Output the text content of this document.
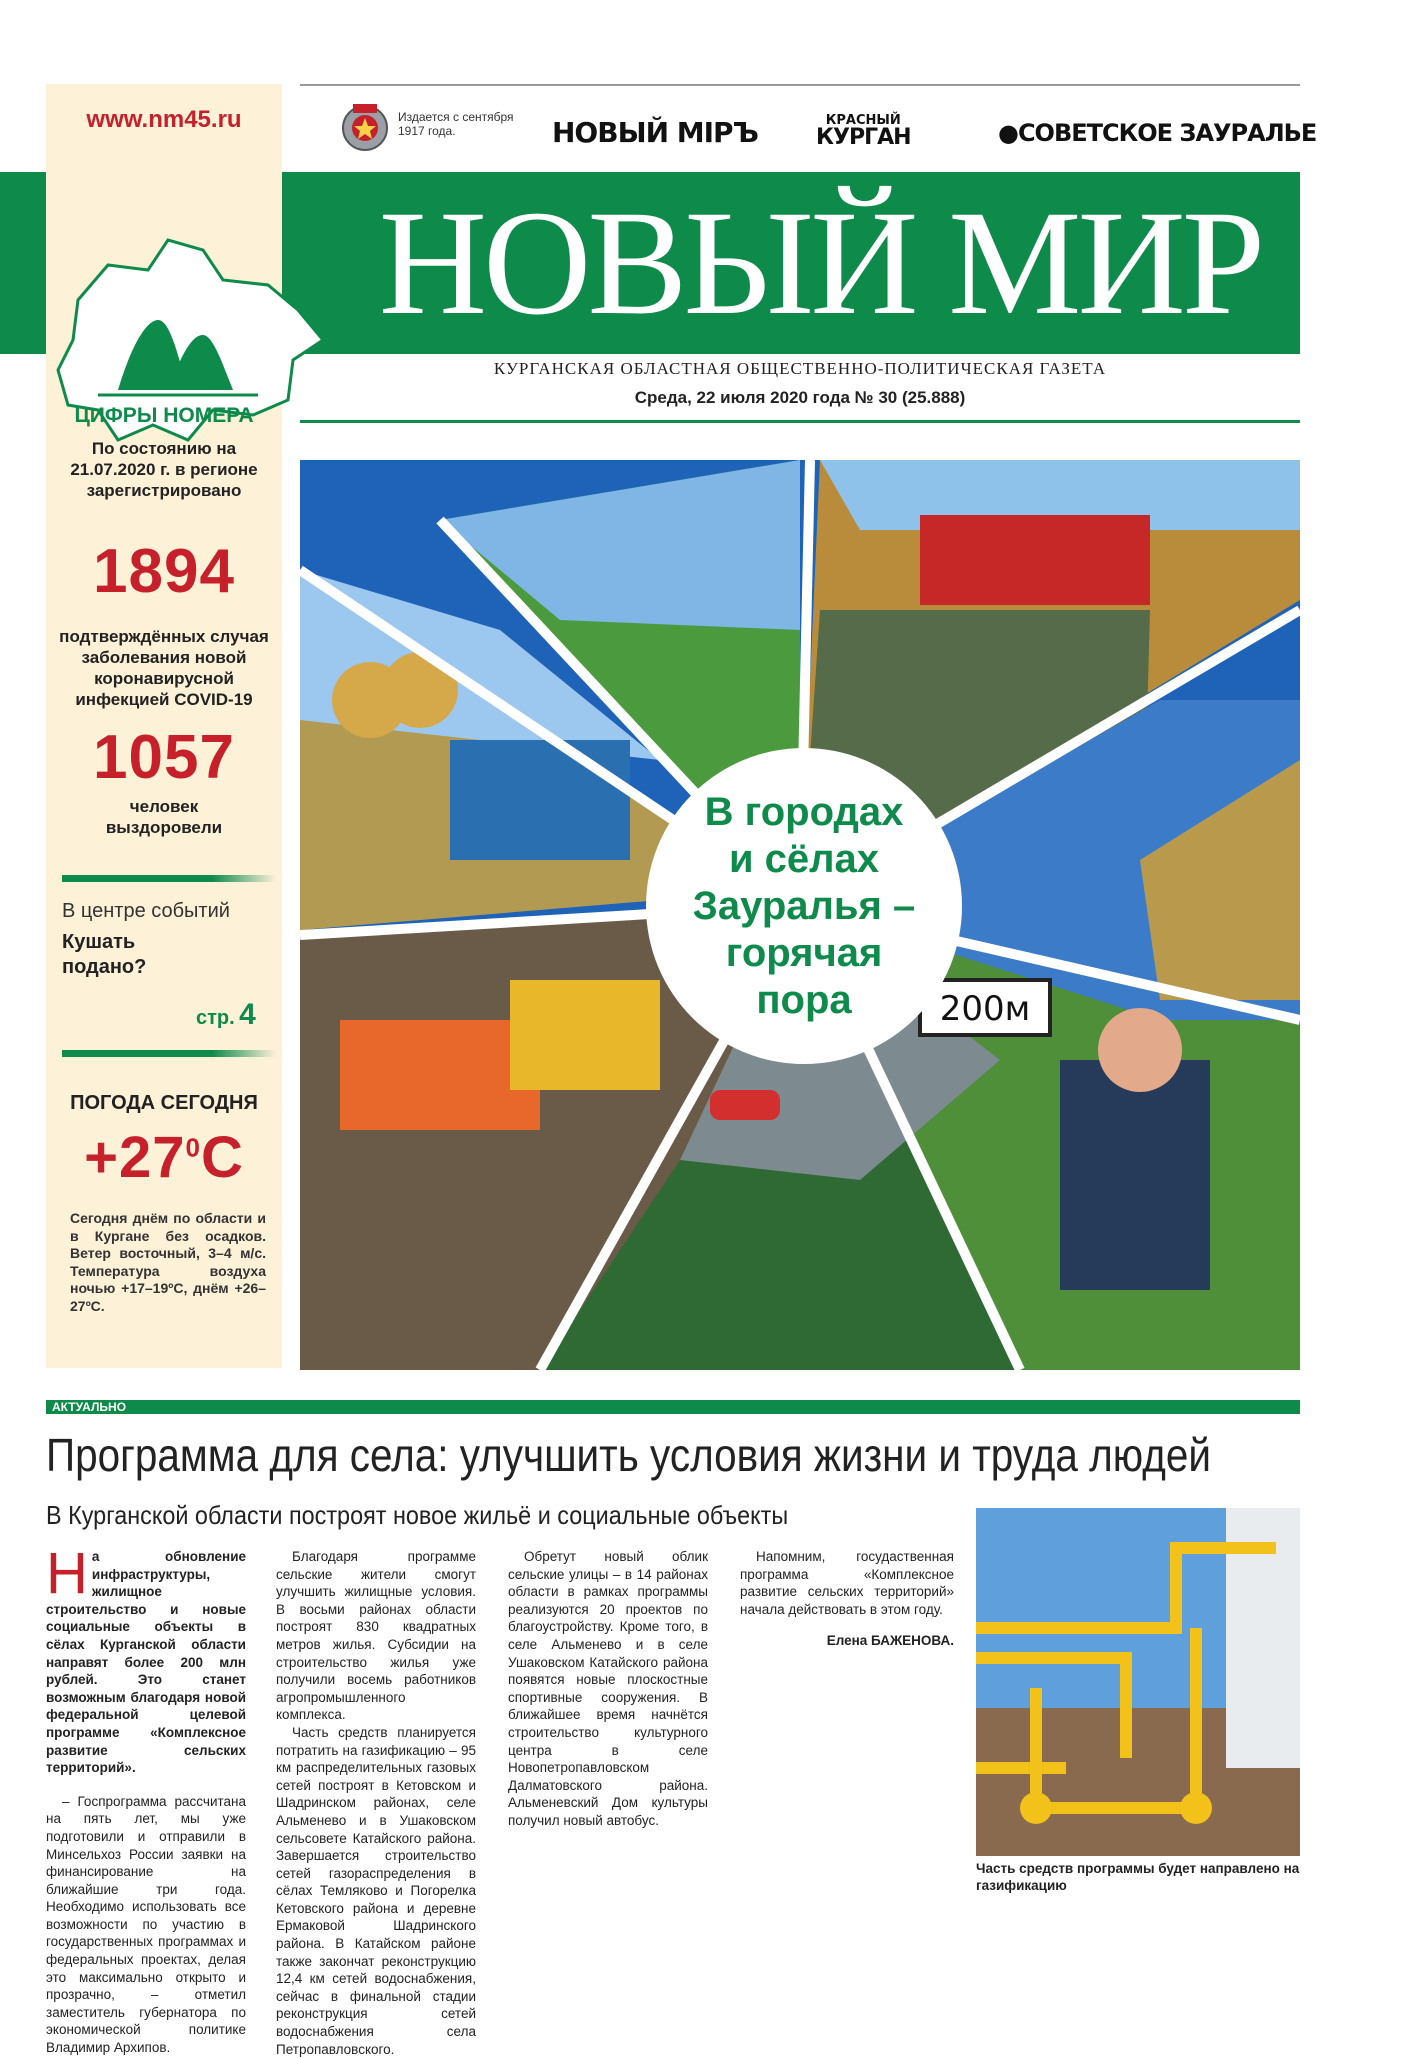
www.nm45.ru
ЦИФРЫ НОМЕРА
По состоянию на 21.07.2020 г. в регионе зарегистрировано
1894
подтверждённых случая заболевания новой коронавирусной инфекцией COVID-19
1057
человек выздоровели
В центре событий
Кушать подано?
стр. 4
ПОГОДА СЕГОДНЯ
$+27^0С$
Сегодня днём по области и в Кургане без осадков. Ветер восточный, 3–4 м/с. Температура воздуха ночью +17–19ºС, днём +26–27ºС.
Издается с сентября 1917 года.	НОВЫЙ МІРЪ	КРАСНЫЙ
КУРГАН	●СОВЕТСКОЕ ЗАУРАЛЬЕ
НОВЫЙ МИР
КУРГАНСКАЯ ОБЛАСТНАЯ ОБЩЕСТВЕННО-ПОЛИТИЧЕСКАЯ ГАЗЕТА
Среда, 22 июля 2020 года № 30 (25.888)
200м
В городах
и сёлах
Зауралья –
горячая
пора
АКТУАЛЬНО
Программа для села: улучшить условия жизни и труда людей
В Курганской области построят новое жильё и социальные объекты

На обновление инфраструктуры, жилищное строительство и новые социальные объекты в сёлах Курганской области направят более 200 млн рублей. Это станет возможным благодаря новой федеральной целевой программе «Комплексное развитие сельских территорий».

– Госпрограмма рассчитана на пять лет, мы уже подготовили и отправили в Минсельхоз России заявки на финансирование на ближайшие три года. Необходимо использовать все возможности по участию в государственных программах и федеральных проектах, делая это максимально открыто и прозрачно, – отметил заместитель губернатора по экономической политике Владимир Архипов.

Благодаря программе сельские жители смогут улучшить жилищные условия. В восьми районах области построят 830 квадратных метров жилья. Субсидии на строительство жилья уже получили восемь работников агропромышленного комплекса.

Часть средств планируется потратить на газификацию – 95 км распределительных газовых сетей построят в Кетовском и Шадринском районах, селе Альменево и в Ушаковском сельсовете Катайского района. Завершается строительство сетей газораспределения в сёлах Темляково и Погорелка Кетовского района и деревне Ермаковой Шадринского района. В Катайском районе также закончат реконструкцию 12,4 км сетей водоснабжения, сейчас в финальной стадии реконструкция сетей водоснабжения села Петропавловского.

Обретут новый облик сельские улицы – в 14 районах области в рамках программы реализуются 20 проектов по благоустройству. Кроме того, в селе Альменево и в селе Ушаковском Катайского района появятся новые плоскостные спортивные сооружения. В ближайшее время начнётся строительство культурного центра в селе Новопетропавловском Далматовского района. Альменевский Дом культуры получил новый автобус.

Напомним, госудаственная программа «Комплексное развитие сельских территорий» начала действовать в этом году.

Елена БАЖЕНОВА.
Часть средств программы будет направлено на газификацию
